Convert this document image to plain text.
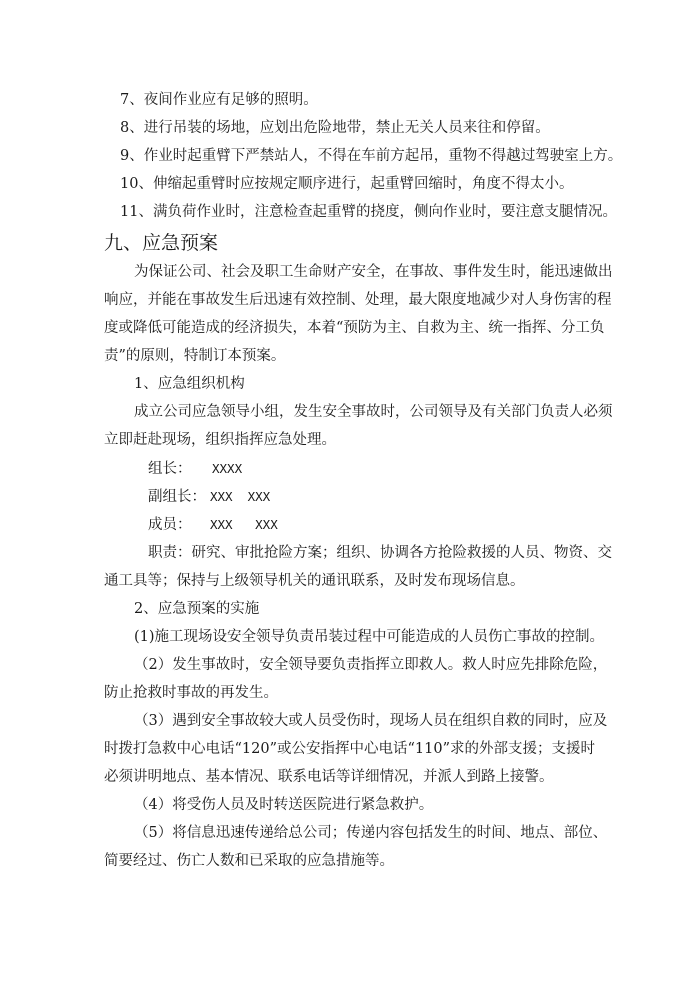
7、夜间作业应有足够的照明。
8、进行吊装的场地，应划出危险地带，禁止无关人员来往和停留。
9、作业时起重臂下严禁站人，不得在车前方起吊，重物不得越过驾驶室上方。
10、伸缩起重臂时应按规定顺序进行，起重臂回缩时，角度不得太小。
11、满负荷作业时，注意检查起重臂的挠度，侧向作业时，要注意支腿情况。
九、应急预案
为保证公司、社会及职工生命财产安全，在事故、事件发生时，能迅速做出
响应，并能在事故发生后迅速有效控制、处理，最大限度地减少对人身伤害的程
度或降低可能造成的经济损失，本着“预防为主、自救为主、统一指挥、分工负
责”的原则，特制订本预案。
1、应急组织机构
成立公司应急领导小组，发生安全事故时，公司领导及有关部门负责人必须
立即赶赴现场，组织指挥应急处理。
组长： XXXX
副组长： XXX  XXX
成员： XXX   XXX
职责：研究、审批抢险方案；组织、协调各方抢险救援的人员、物资、交
通工具等；保持与上级领导机关的通讯联系，及时发布现场信息。
2、应急预案的实施
(1)施工现场设安全领导负责吊装过程中可能造成的人员伤亡事故的控制。
（2）发生事故时，安全领导要负责指挥立即救人。救人时应先排除危险，
防止抢救时事故的再发生。
（3）遇到安全事故较大或人员受伤时，现场人员在组织自救的同时，应及
时拨打急救中心电话“120”或公安指挥中心电话“110”求的外部支援；支援时
必须讲明地点、基本情况、联系电话等详细情况，并派人到路上接警。
（4）将受伤人员及时转送医院进行紧急救护。
（5）将信息迅速传递给总公司；传递内容包括发生的时间、地点、部位、
简要经过、伤亡人数和已采取的应急措施等。
